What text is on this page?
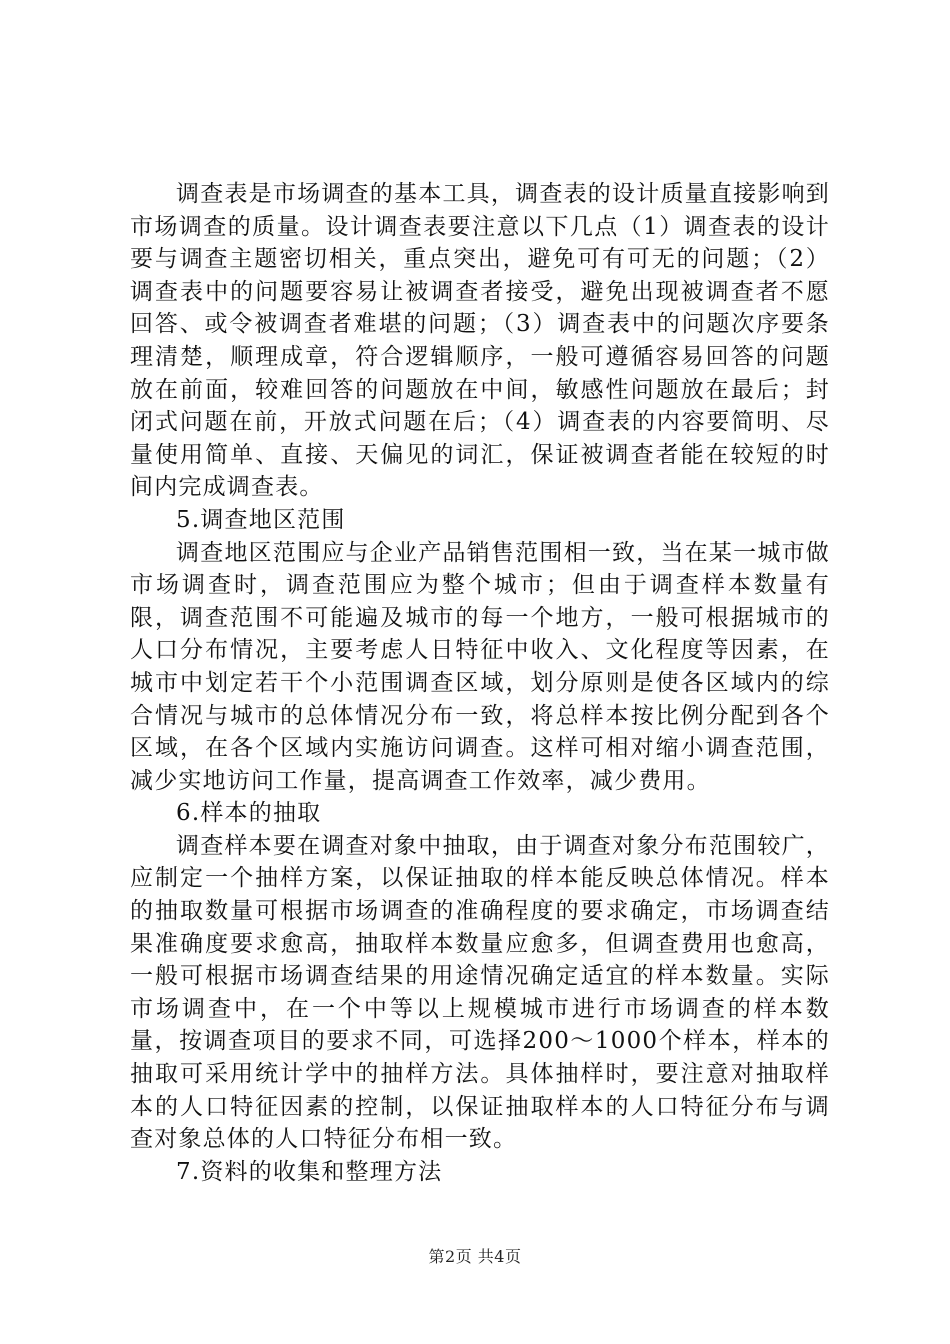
调查表是市场调查的基本工具，调查表的设计质量直接影响到市场调查的质量。设计调查表要注意以下几点（1）调查表的设计要与调查主题密切相关，重点突出，避免可有可无的问题；（2）调查表中的问题要容易让被调查者接受，避免出现被调查者不愿回答、或令被调查者难堪的问题；（3）调查表中的问题次序要条理清楚，顺理成章，符合逻辑顺序，一般可遵循容易回答的问题放在前面，较难回答的问题放在中间，敏感性问题放在最后；封闭式问题在前，开放式问题在后；（4）调查表的内容要简明、尽量使用简单、直接、天偏见的词汇，保证被调查者能在较短的时间内完成调查表。

5.调查地区范围

调查地区范围应与企业产品销售范围相一致，当在某一城市做市场调查时，调查范围应为整个城市；但由于调查样本数量有限，调查范围不可能遍及城市的每一个地方，一般可根据城市的人口分布情况，主要考虑人日特征中收入、文化程度等因素，在城市中划定若干个小范围调查区域，划分原则是使各区域内的综合情况与城市的总体情况分布一致，将总样本按比例分配到各个区域，在各个区域内实施访问调查。这样可相对缩小调查范围，减少实地访问工作量，提高调查工作效率，减少费用。

6.样本的抽取

调查样本要在调查对象中抽取，由于调查对象分布范围较广，应制定一个抽样方案，以保证抽取的样本能反映总体情况。样本的抽取数量可根据市场调查的准确程度的要求确定，市场调查结果准确度要求愈高，抽取样本数量应愈多，但调查费用也愈高，一般可根据市场调查结果的用途情况确定适宜的样本数量。实际市场调查中，在一个中等以上规模城市进行市场调查的样本数量，按调查项目的要求不同，可选择200～1000个样本，样本的抽取可采用统计学中的抽样方法。具体抽样时，要注意对抽取样本的人口特征因素的控制，以保证抽取样本的人口特征分布与调查对象总体的人口特征分布相一致。

7.资料的收集和整理方法
第2页 共4页
